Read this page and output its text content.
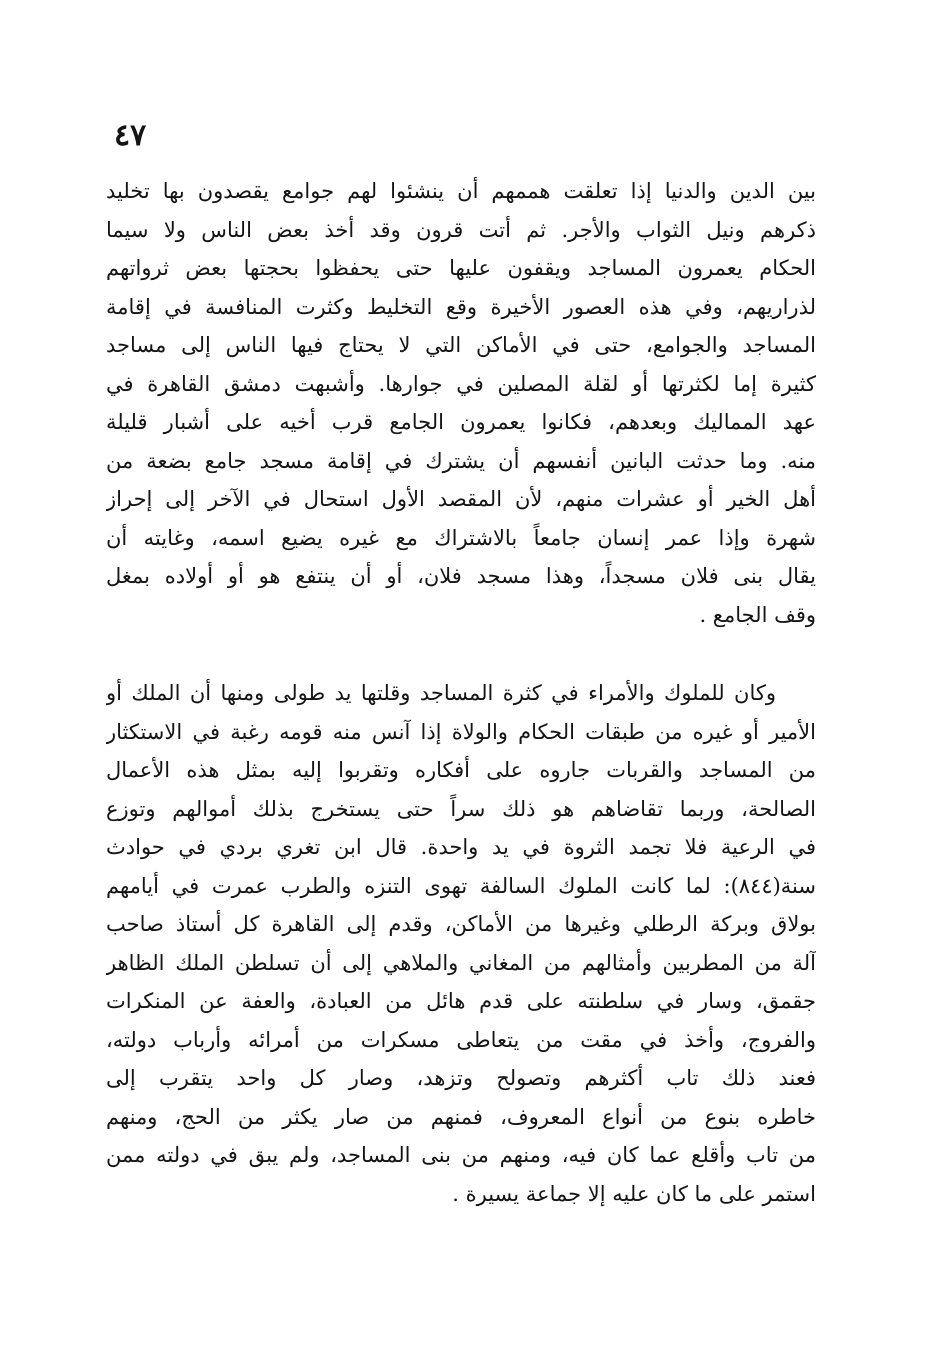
٤٧
بين الدين والدنيا إذا تعلقت هممهم أن ينشئوا لهم جوامع يقصدون بها تخليد
ذكرهم ونيل الثواب والأجر. ثم أتت قرون وقد أخذ بعض الناس ولا سيما
الحكام يعمرون المساجد ويقفون عليها حتى يحفظوا بحجتها بعض ثرواتهم
لذراريهم، وفي هذه العصور الأخيرة وقع التخليط وكثرت المنافسة في إقامة
المساجد والجوامع، حتى في الأماكن التي لا يحتاج فيها الناس إلى مساجد
كثيرة إما لكثرتها أو لقلة المصلين في جوارها. وأشبهت دمشق القاهرة في
عهد المماليك وبعدهم، فكانوا يعمرون الجامع قرب أخيه على أشبار قليلة
منه. وما حدثت البانين أنفسهم أن يشترك في إقامة مسجد جامع بضعة من
أهل الخير أو عشرات منهم، لأن المقصد الأول استحال في الآخر إلى إحراز
شهرة وإذا عمر إنسان جامعاً بالاشتراك مع غيره يضيع اسمه، وغايته أن
يقال بنى فلان مسجداً، وهذا مسجد فلان، أو أن ينتفع هو أو أولاده بمغل
وقف الجامع .
وكان للملوك والأمراء في كثرة المساجد وقلتها يد طولى ومنها أن الملك أو
الأمير أو غيره من طبقات الحكام والولاة إذا آنس منه قومه رغبة في الاستكثار
من المساجد والقربات جاروه على أفكاره وتقربوا إليه بمثل هذه الأعمال
الصالحة، وربما تقاضاهم هو ذلك سراً حتى يستخرج بذلك أموالهم وتوزع
في الرعية فلا تجمد الثروة في يد واحدة. قال ابن تغري بردي في حوادث
سنة(٨٤٤): لما كانت الملوك السالفة تهوى التنزه والطرب عمرت في أيامهم
بولاق وبركة الرطلي وغيرها من الأماكن، وقدم إلى القاهرة كل أستاذ صاحب
آلة من المطربين وأمثالهم من المغاني والملاهي إلى أن تسلطن الملك الظاهر
جقمق، وسار في سلطنته على قدم هائل من العبادة، والعفة عن المنكرات
والفروج، وأخذ في مقت من يتعاطى مسكرات من أمرائه وأرباب دولته،
فعند ذلك تاب أكثرهم وتصولح وتزهد، وصار كل واحد يتقرب إلى
خاطره بنوع من أنواع المعروف، فمنهم من صار يكثر من الحج، ومنهم
من تاب وأقلع عما كان فيه، ومنهم من بنى المساجد، ولم يبق في دولته ممن
استمر على ما كان عليه إلا جماعة يسيرة .
